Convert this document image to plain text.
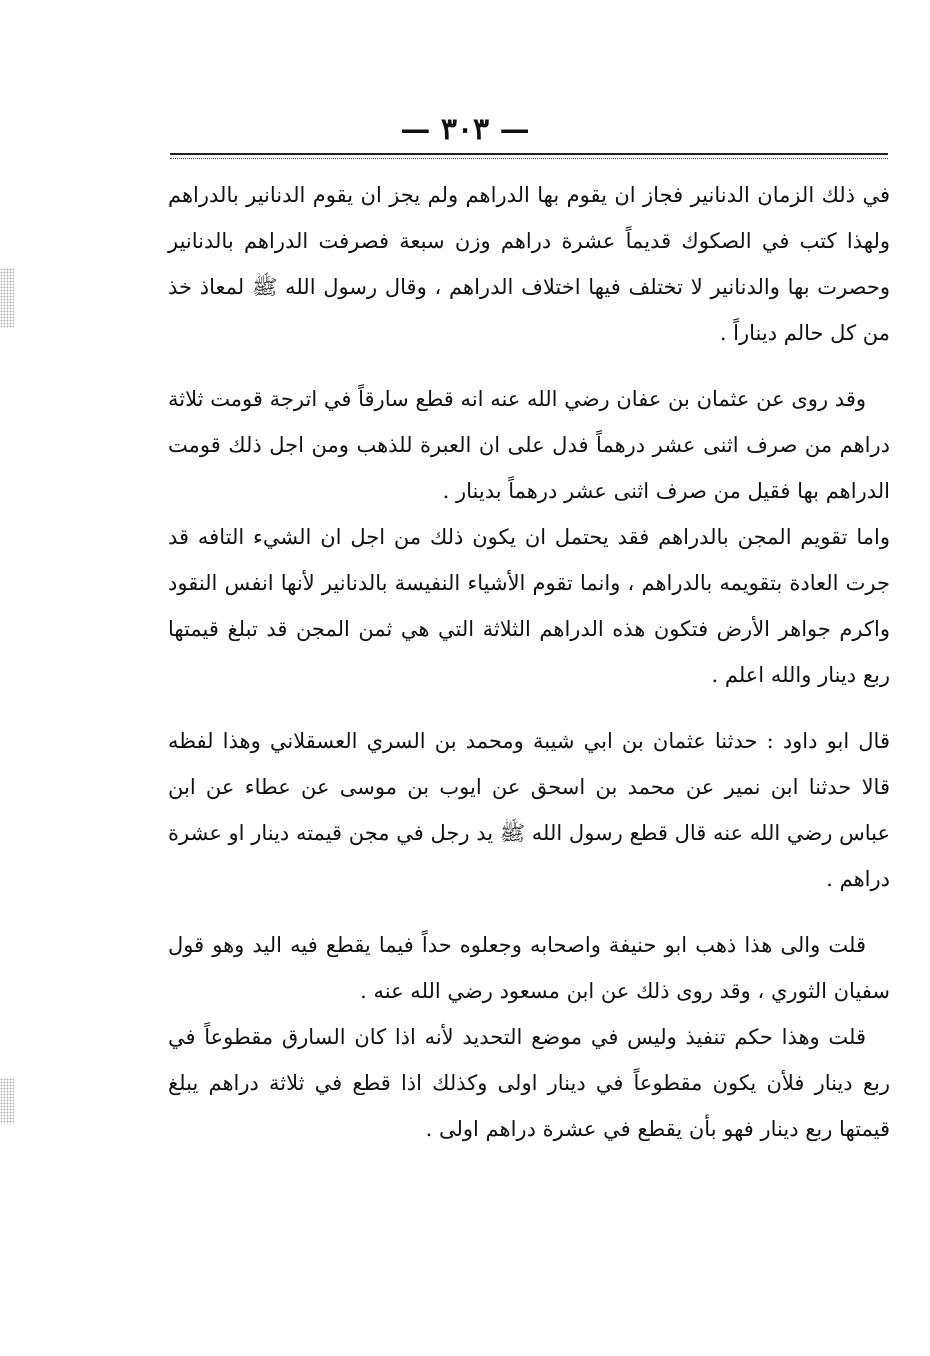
— ٣٠٣ —

في ذلك الزمان الدنانير فجاز ان يقوم بها الدراهم ولم يجز ان يقوم الدنانير بالدراهم ولهذا كتب في الصكوك قديماً عشرة دراهم وزن سبعة فصرفت الدراهم بالدنانير وحصرت بها والدنانير لا تختلف فيها اختلاف الدراهم ، وقال رسول الله ﷺ لمعاذ خذ من كل حالم ديناراً .

وقد روى عن عثمان بن عفان رضي الله عنه انه قطع سارقاً في اترجة قومت ثلاثة دراهم من صرف اثنى عشر درهماً فدل على ان العبرة للذهب ومن اجل ذلك قومت الدراهم بها فقيل من صرف اثنى عشر درهماً بدينار .

واما تقويم المجن بالدراهم فقد يحتمل ان يكون ذلك من اجل ان الشيء التافه قد جرت العادة بتقويمه بالدراهم ، وانما تقوم الأشياء النفيسة بالدنانير لأنها انفس النقود واكرم جواهر الأرض فتكون هذه الدراهم الثلاثة التي هي ثمن المجن قد تبلغ قيمتها ربع دينار والله اعلم .

قال ابو داود : حدثنا عثمان بن ابي شيبة ومحمد بن السري العسقلاني وهذا لفظه قالا حدثنا ابن نمير عن محمد بن اسحق عن ايوب بن موسى عن عطاء عن ابن عباس رضي الله عنه قال قطع رسول الله ﷺ يد رجل في مجن قيمته دينار او عشرة دراهم .

قلت والى هذا ذهب ابو حنيفة واصحابه وجعلوه حداً فيما يقطع فيه اليد وهو قول سفيان الثوري ، وقد روى ذلك عن ابن مسعود رضي الله عنه .

قلت وهذا حكم تنفيذ وليس في موضع التحديد لأنه اذا كان السارق مقطوعاً في ربع دينار فلأن يكون مقطوعاً في دينار اولى وكذلك اذا قطع في ثلاثة دراهم يبلغ قيمتها ربع دينار فهو بأن يقطع في عشرة دراهم اولى .
